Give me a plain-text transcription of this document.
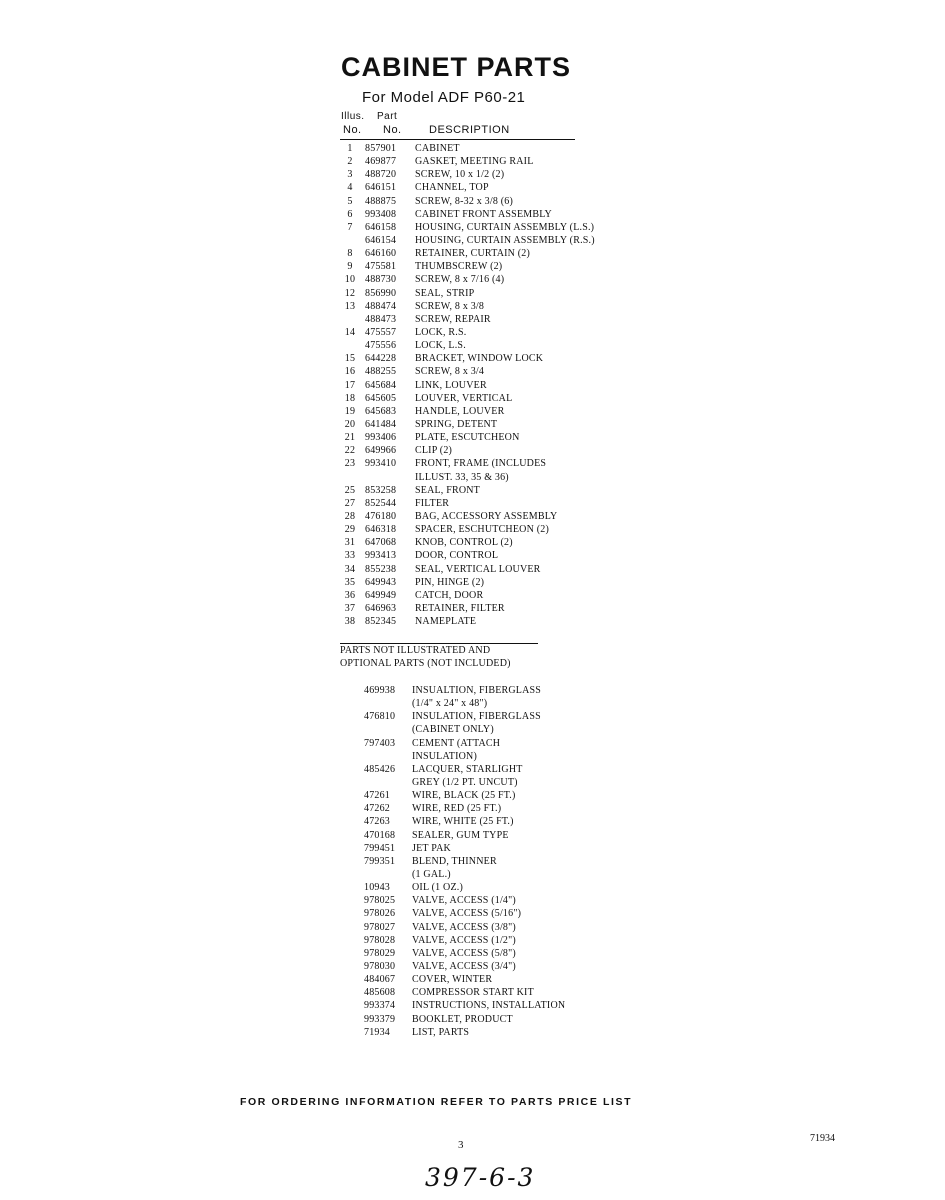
CABINET PARTS
For Model ADF P60-21
Illus. Part
No. No. DESCRIPTION
1	857901 CABINET
2	469877 GASKET, MEETING RAIL
3	488720 SCREW, 10 x 1/2 (2)
4	646151 CHANNEL, TOP
5	488875 SCREW, 8-32 x 3/8 (6)
6	993408 CABINET FRONT ASSEMBLY
7	646158 HOUSING, CURTAIN ASSEMBLY (L.S.)
646154 HOUSING, CURTAIN ASSEMBLY (R.S.)
8	646160 RETAINER, CURTAIN (2)
9	475581 THUMBSCREW (2)
10 488730 SCREW, 8 x 7/16 (4)
12 856990 SEAL, STRIP
13 488474 SCREW, 8 x 3/8
488473 SCREW, REPAIR
14 475557 LOCK, R.S.
475556 LOCK, L.S.
15 644228 BRACKET, WINDOW LOCK
16 488255 SCREW, 8 x 3/4
17 645684 LINK, LOUVER
18 645605 LOUVER, VERTICAL
19 645683 HANDLE, LOUVER
20 641484 SPRING, DETENT
21 993406 PLATE, ESCUTCHEON
22 649966 CLIP (2)
23 993410 FRONT, FRAME (INCLUDES
ILLUST. 33, 35 & 36)
25 853258 SEAL, FRONT
27 852544 FILTER
28 476180 BAG, ACCESSORY ASSEMBLY
29 646318 SPACER, ESCHUTCHEON (2)
31 647068 KNOB, CONTROL (2)
33 993413 DOOR, CONTROL
34 855238 SEAL, VERTICAL LOUVER
35 649943 PIN, HINGE (2)
36 649949 CATCH, DOOR
37 646963 RETAINER, FILTER
38 852345 NAMEPLATE
PARTS NOT ILLUSTRATED AND
OPTIONAL PARTS (NOT INCLUDED)
469938 INSUALTION, FIBERGLASS
(1/4" x 24" x 48")
476810 INSULATION, FIBERGLASS
(CABINET ONLY)
797403 CEMENT (ATTACH
INSULATION)
485426 LACQUER, STARLIGHT
GREY (1/2 PT. UNCUT)
47261 WIRE, BLACK (25 FT.)
47262 WIRE, RED (25 FT.)
47263 WIRE, WHITE (25 FT.)
470168 SEALER, GUM TYPE
799451 JET PAK
799351 BLEND, THINNER
(1 GAL.)
10943 OIL (1 OZ.)
978025 VALVE, ACCESS (1/4")
978026 VALVE, ACCESS (5/16")
978027 VALVE, ACCESS (3/8")
978028 VALVE, ACCESS (1/2")
978029 VALVE, ACCESS (5/8")
978030 VALVE, ACCESS (3/4")
484067 COVER, WINTER
485608 COMPRESSOR START KIT
993374 INSTRUCTIONS, INSTALLATION
993379 BOOKLET, PRODUCT
71934 LIST, PARTS
FOR ORDERING INFORMATION REFER TO PARTS PRICE LIST
3
71934
397-6-3
